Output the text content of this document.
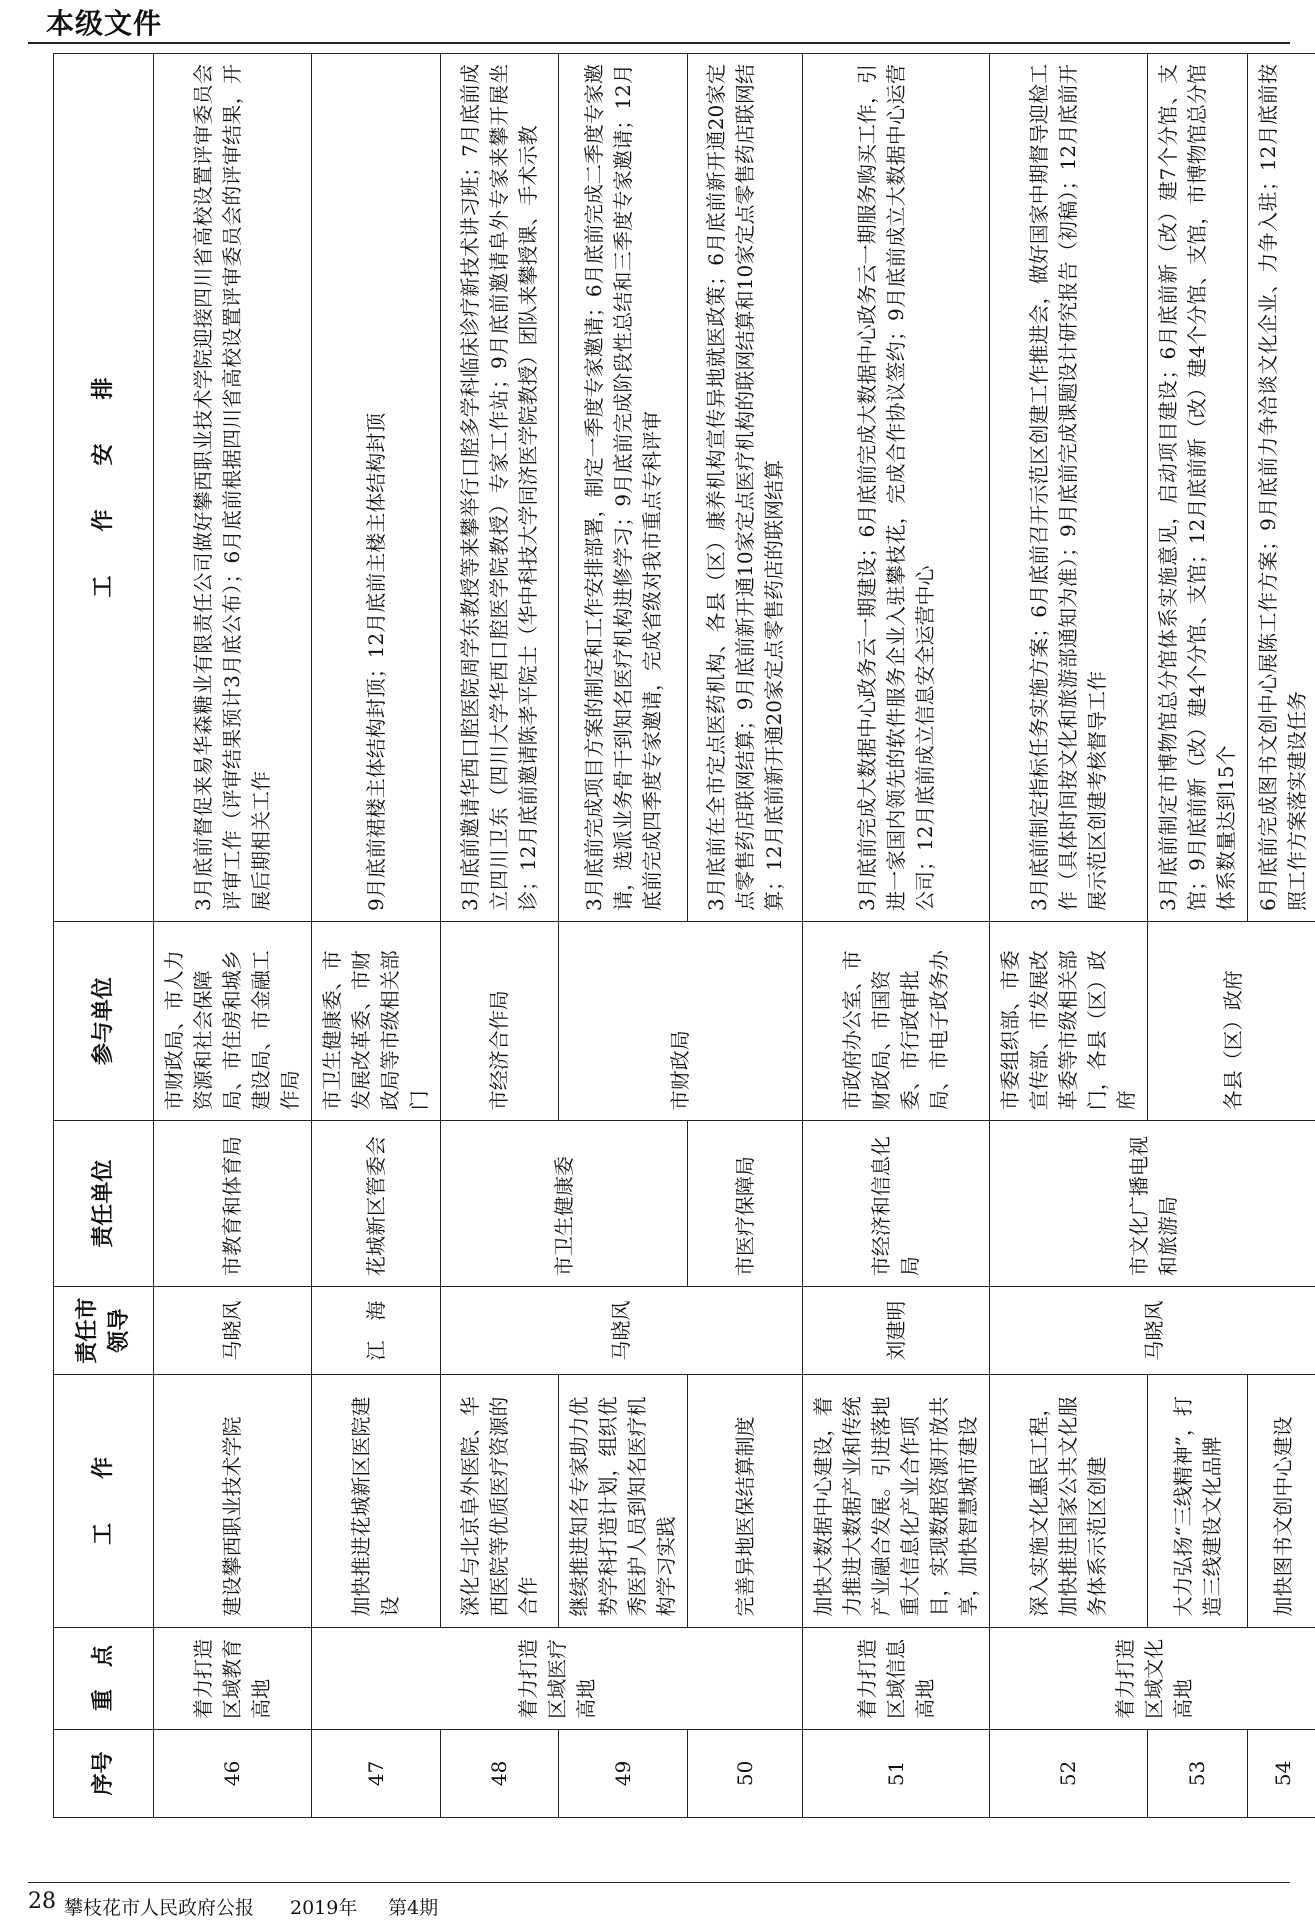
本级文件
序号	重　点	工　　作	责任市领导	责任单位	参与单位	工　　作　　安　　排
46	着力打造区域教育高地	建设攀西职业技术学院	马晓风	市教育和体育局	市财政局、市人力资源和社会保障局、市住房和城乡建设局、市金融工作局	3月底前督促来易华森糖业有限责任公司做好攀西职业技术学院迎接四川省高校设置评审委员会评审工作（评审结果预计3月底公布）；6月底前根据四川省高校设置评审委员会的评审结果，开展后期相关工作
47	着力打造区域医疗高地	加快推进花城新区医院建设	江　海	花城新区管委会	市卫生健康委、市发展改革委、市财政局等市级相关部门	9月底前裙楼主体结构封顶；12月底前主楼主体结构封顶
48		深化与北京阜外医院、华西医院等优质医疗资源的合作	马晓风	市卫生健康委	市经济合作局	3月底前邀请华西口腔医院周学东教授等来攀举行口腔多学科临床诊疗新技术讲习班；7月底前成立四川卫东（四川大学华西口腔医学院教授）专家工作站；9月底前邀请阜外专家来攀开展坐诊；12月底前邀请陈孝平院士（华中科技大学同济医学院教授）团队来攀授课、手术示教
49		继续推进知名专家助力优势学科打造计划，组织优秀医护人员到知名医疗机构学习实践			市财政局	3月底前完成项目方案的制定和工作安排部署，制定一季度专家邀请；6月底前完成二季度专家邀请，选派业务骨干到知名医疗机构进修学习；9月底前完成阶段性总结和三季度专家邀请；12月底前完成四季度专家邀请，完成省级对我市重点专科评审
50		完善异地医保结算制度		市医疗保障局		3月底前在全市定点医药机构、各县（区）康养机构宣传异地就医政策；6月底前新开通20家定点零售药店联网结算；9月底前新开通10家定点医疗机构的联网结算和10家定点零售药店联网结算；12月底前新开通20家定点零售药店的联网结算
51	着力打造区域信息高地	加快大数据中心建设，着力推进大数据产业和传统产业融合发展。引进落地重大信息化产业合作项目，实现数据资源开放共享，加快智慧城市建设	刘建明	市经济和信息化局	市政府办公室、市财政局、市国资委、市行政审批局、市电子政务办	3月底前完成大数据中心政务云一期建设；6月底前完成大数据中心政务云一期服务购买工作，引进一家国内领先的软件服务企业入驻攀枝花，完成合作协议签约；9月底前成立大数据中心运营公司；12月底前成立信息安全运营中心
52	着力打造区域文化高地	深入实施文化惠民工程，加快推进国家公共文化服务体系示范区创建	马晓风	市文化广播电视和旅游局	市委组织部、市委宣传部、市发展改革委等市级相关部门，各县（区）政府	3月底前制定指标任务实施方案；6月底前召开示范区创建工作推进会，做好国家中期督导迎检工作（具体时间按文化和旅游部通知为准）；9月底前完成课题设计研究报告（初稿）；12月底前开展示范区创建考核督导工作
53		大力弘扬“三线精神”，打造三线建设文化品牌			各县（区）政府	3月底前制定市博物馆总分馆体系实施意见，启动项目建设；6月底前新（改）建7个分馆、支馆；9月底前新（改）建4个分馆、支馆；12月底前新（改）建4个分馆、支馆，市博物馆总分馆体系数量达到15个
54		加快图书文创中心建设				6月底前完成图书文创中心展陈工作方案；9月底前力争洽谈文化企业、力争入驻；12月底前按照工作方案落实建设任务
28 攀枝花市人民政府公报 2019年 第4期
